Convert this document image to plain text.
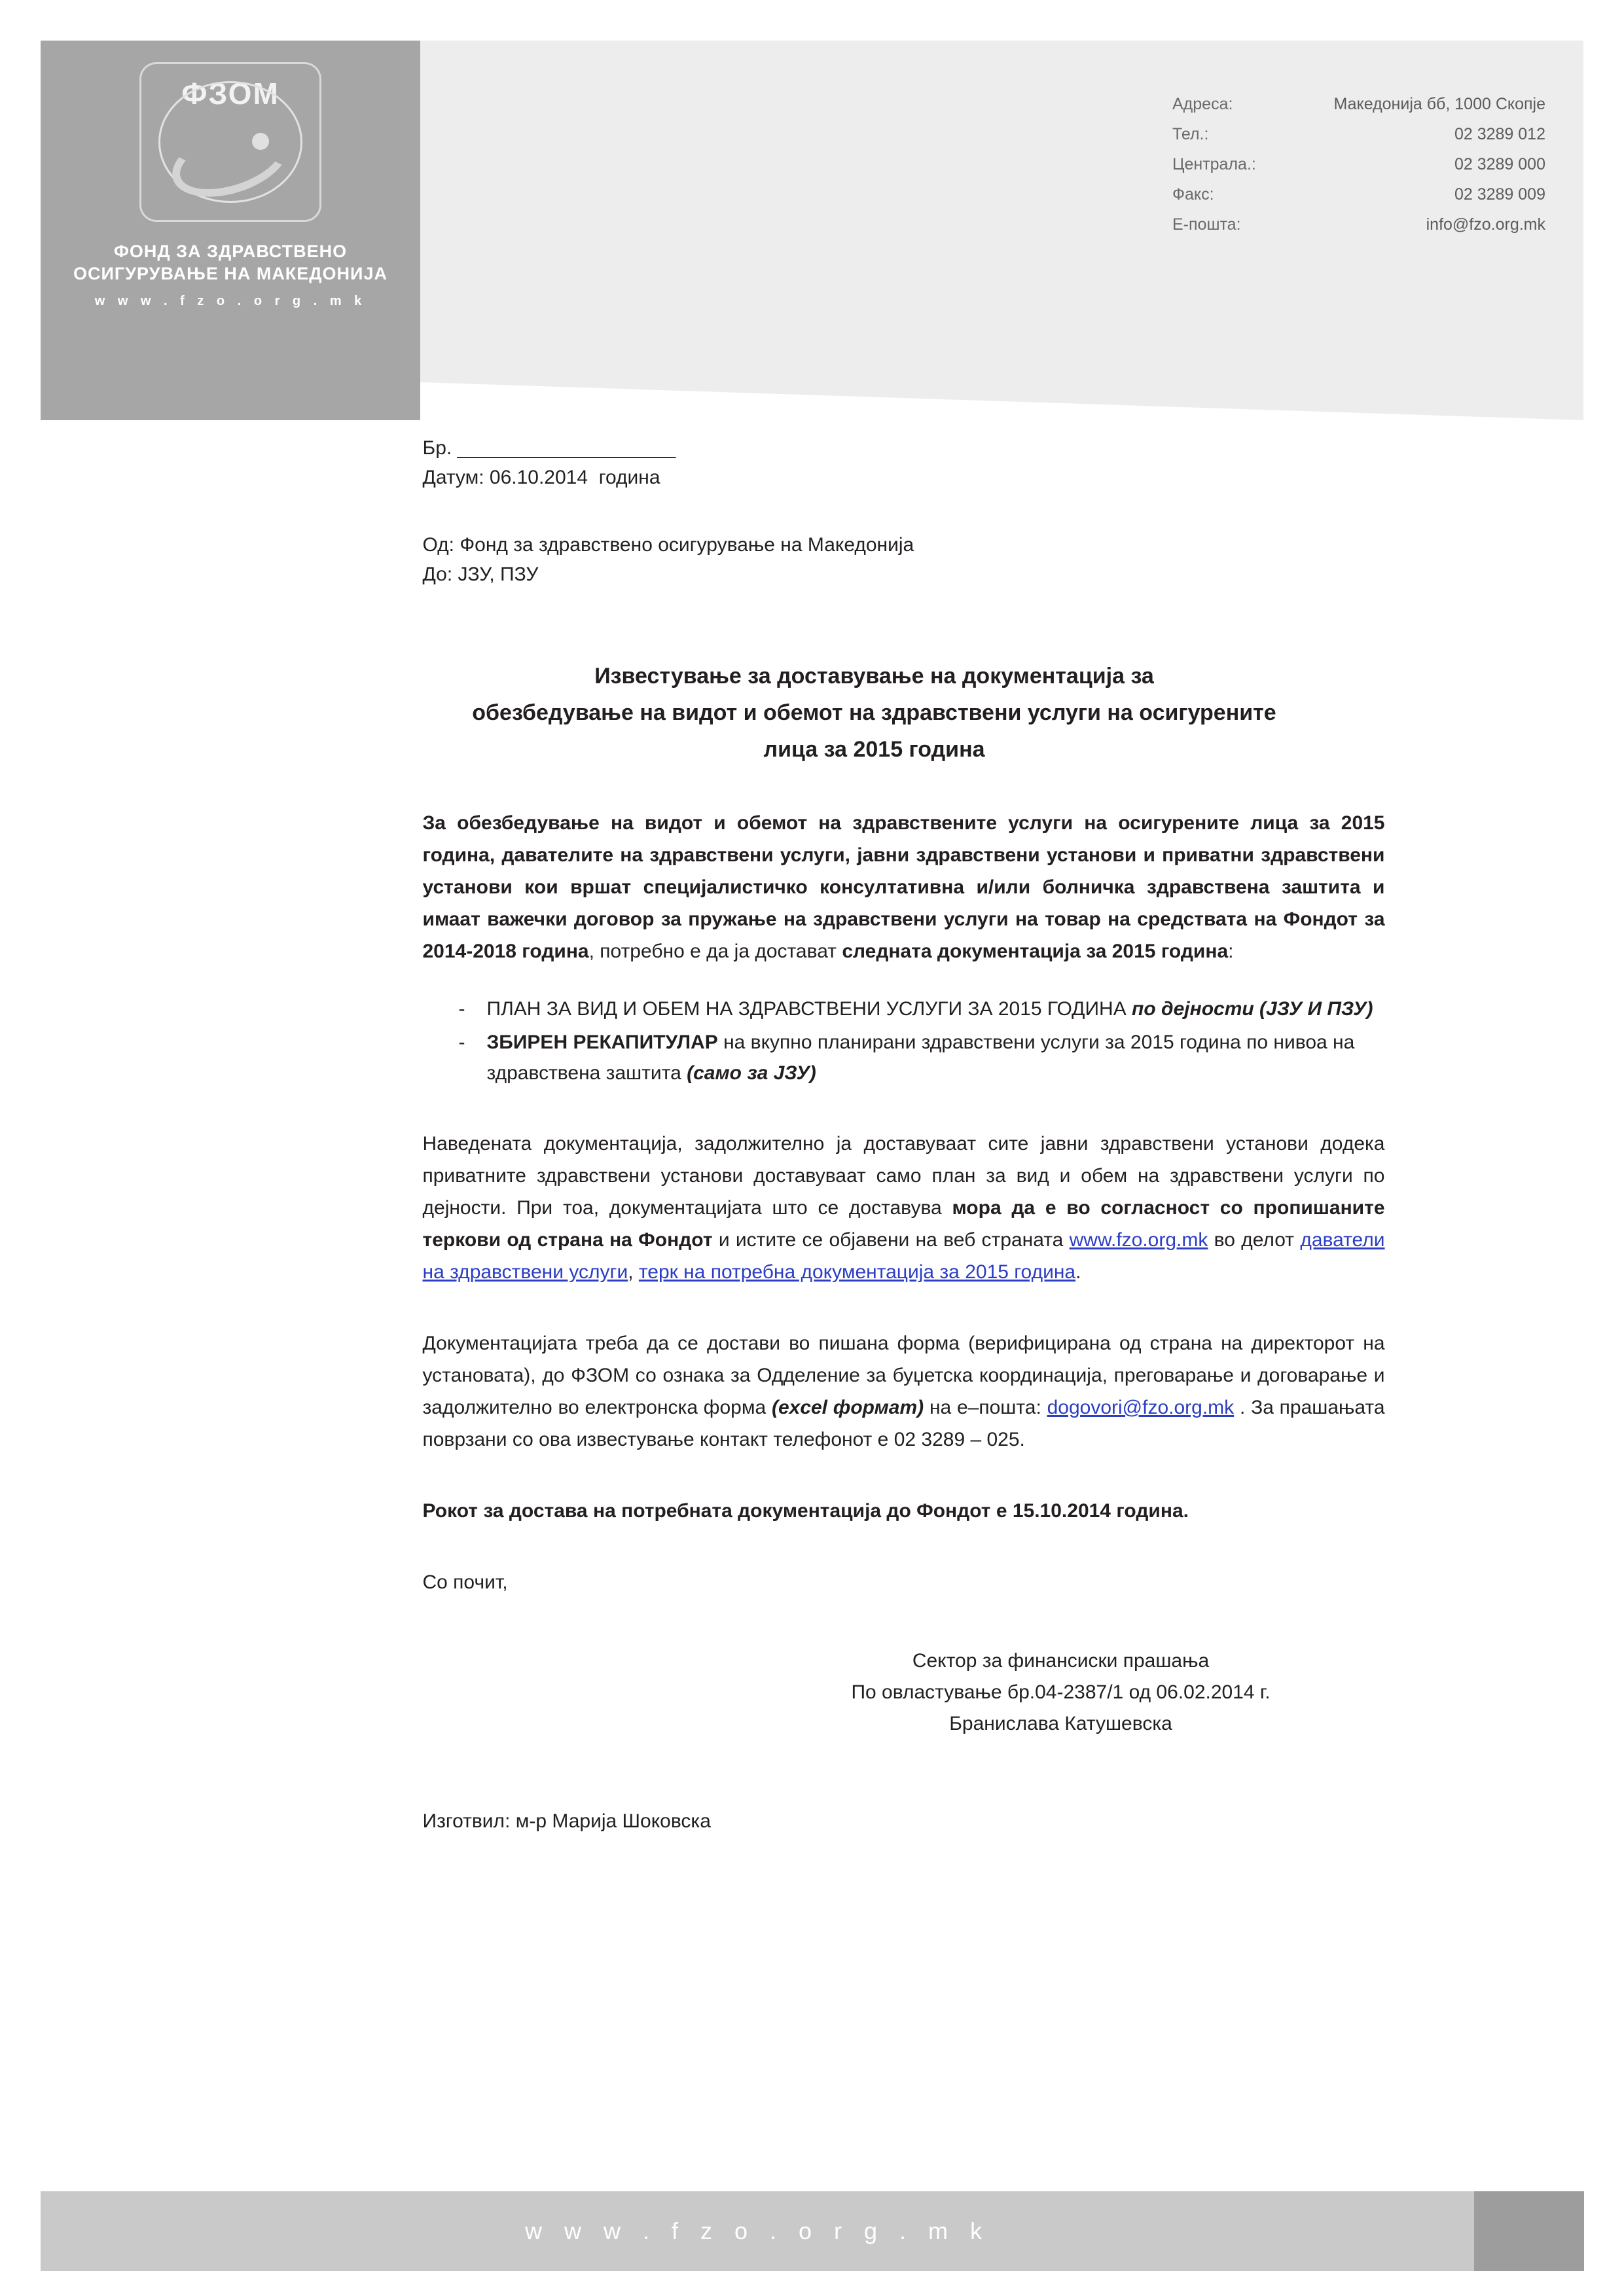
ФЗОМ
ФОНД ЗА ЗДРАВСТВЕНО
ОСИГУРУВАЊЕ НА МАКЕДОНИЈА
w w w . f z o . o r g . m k
Адреса:	Македонија бб, 1000 Скопје
Тел.:	02 3289 012
Централа.:	02 3289 000
Факс:	02 3289 009
Е-пошта:	info@fzo.org.mk
Бр. ____________________
Датум: 06.10.2014  година
Од: Фонд за здравствено осигурување на Македонија
До: ЈЗУ, ПЗУ
Известување за доставување на документација за
обезбедување на видот и обемот на здравствени услуги на осигурените
лица за 2015 година

За обезбедување на видот и обемот на здравствените услуги на осигурените лица за 2015 година, давателите на здравствени услуги, јавни здравствени установи и приватни здравствени установи кои вршат специјалистичко консултативна и/или болничка здравствена заштита и имаат важечки договор за пружање на здравствени услуги на товар на средствата на Фондот за 2014-2018 година, потребно е да ја достават следната документација за 2015 година:

- ПЛАН ЗА ВИД И ОБЕМ НА ЗДРАВСТВЕНИ УСЛУГИ ЗА 2015 ГОДИНА по дејности (ЈЗУ И ПЗУ)
- ЗБИРЕН РЕКАПИТУЛАР на вкупно планирани здравствени услуги за 2015 година по нивоа на здравствена заштита (само за ЈЗУ)

Наведената документација, задолжително ја доставуваат сите јавни здравствени установи додека приватните здравствени установи доставуваат само план за вид и обем на здравствени услуги по дејности. При тоа, документацијата што се доставува мора да е во согласност со пропишаните теркови од страна на Фондот и истите се објавени на веб страната www.fzo.org.mk во делот даватели на здравствени услуги, терк на потребна документација за 2015 година.

Документацијата треба да се достави во пишана форма (верифицирана од страна на директорот на установата), до ФЗОМ со ознака за Одделение за буџетска координација, преговарање и договарање и задолжително во електронска форма (excel формат) на е–пошта: dogovori@fzo.org.mk . За прашањата поврзани со ова известување контакт телефонот е 02 3289 – 025.

Рокот за достава на потребната документација до Фондот е 15.10.2014 година.

Со почит,

Сектор за финансиски прашања
По овластување бр.04-2387/1 од 06.02.2014 г.
Бранислава Катушевска
Изготвил: м-р Марија Шоковска
w w w . f z o . o r g . m k
